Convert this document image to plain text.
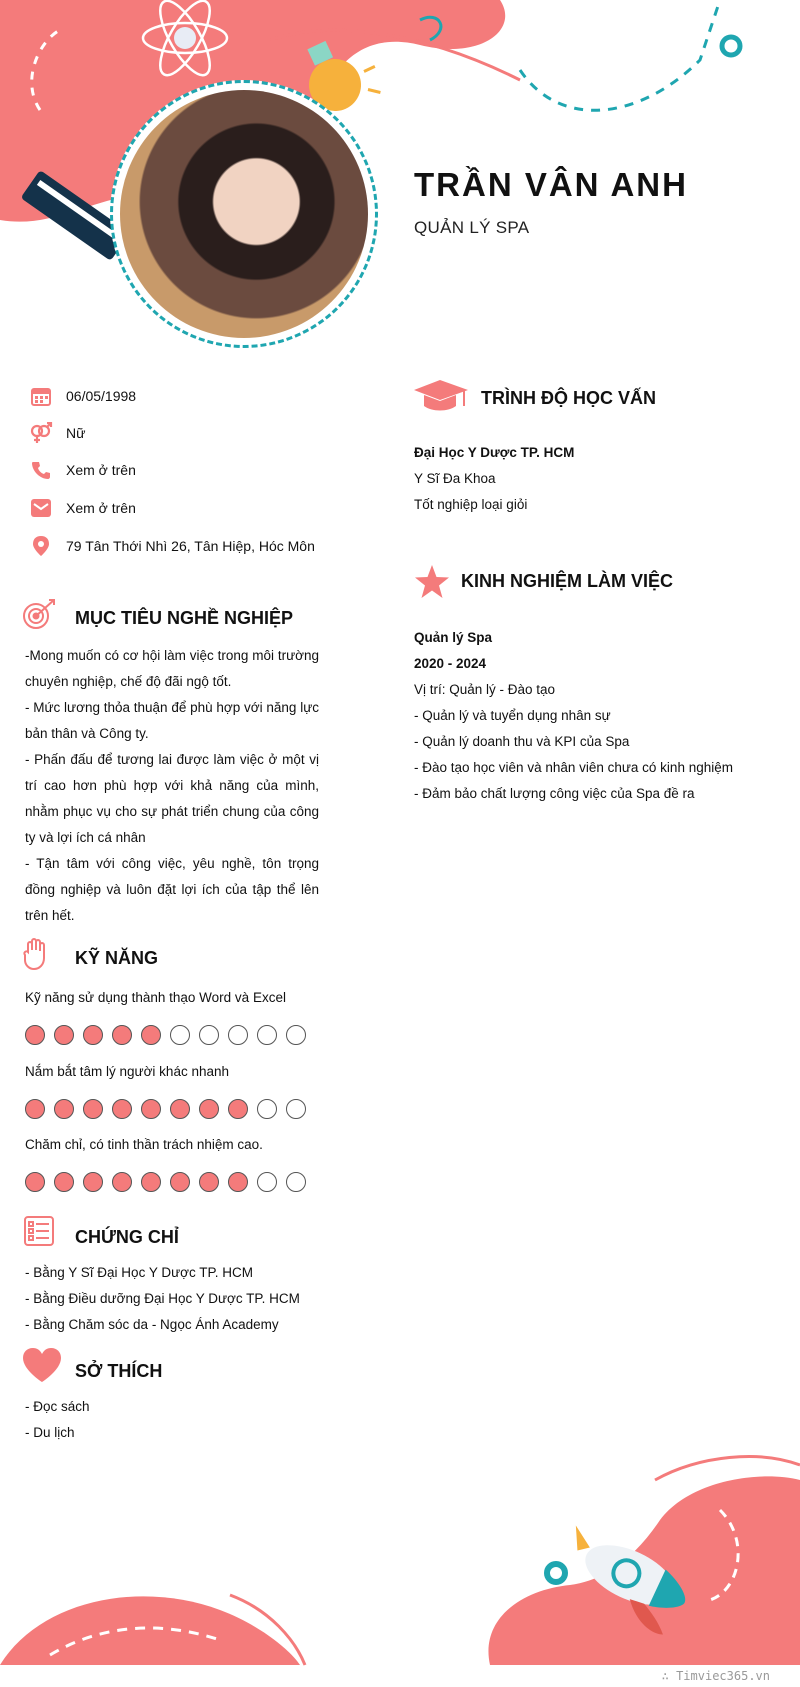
TRẦN VÂN ANH
QUẢN LÝ SPA
06/05/1998
Nữ
Xem ở trên
Xem ở trên
79 Tân Thới Nhì 26, Tân Hiệp, Hóc Môn
MỤC TIÊU NGHỀ NGHIỆP
-Mong muốn có cơ hội làm việc trong môi trường chuyên nghiệp, chế độ đãi ngộ tốt.
- Mức lương thỏa thuận để phù hợp với năng lực bản thân và Công ty.
- Phấn đấu để tương lai được làm việc ở một vị trí cao hơn phù hợp với khả năng của mình, nhằm phục vụ cho sự phát triển chung của công ty và lợi ích cá nhân
- Tận tâm với công việc, yêu nghề, tôn trọng đồng nghiệp và luôn đặt lợi ích của tập thể lên trên hết.
KỸ NĂNG
Kỹ năng sử dụng thành thạo Word và Excel
Nắm bắt tâm lý người khác nhanh
Chăm chỉ, có tinh thần trách nhiệm cao.
CHỨNG CHỈ
- Bằng Y Sĩ Đại Học Y Dược TP. HCM
- Bằng Điều dưỡng Đại Học Y Dược TP. HCM
- Bằng Chăm sóc da - Ngọc Ánh Academy
SỞ THÍCH
- Đọc sách
- Du lịch
TRÌNH ĐỘ HỌC VẤN
Đại Học Y Dược TP. HCM
Y Sĩ Đa Khoa
Tốt nghiệp loại giỏi
KINH NGHIỆM LÀM VIỆC
Quản lý Spa
2020 - 2024
Vị trí: Quản lý - Đào tạo
- Quản lý và tuyển dụng nhân sự
- Quản lý doanh thu và KPI của Spa
- Đào tạo học viên và nhân viên chưa có kinh nghiệm
- Đảm bảo chất lượng công việc của Spa đề ra
∴ Timviec365.vn
